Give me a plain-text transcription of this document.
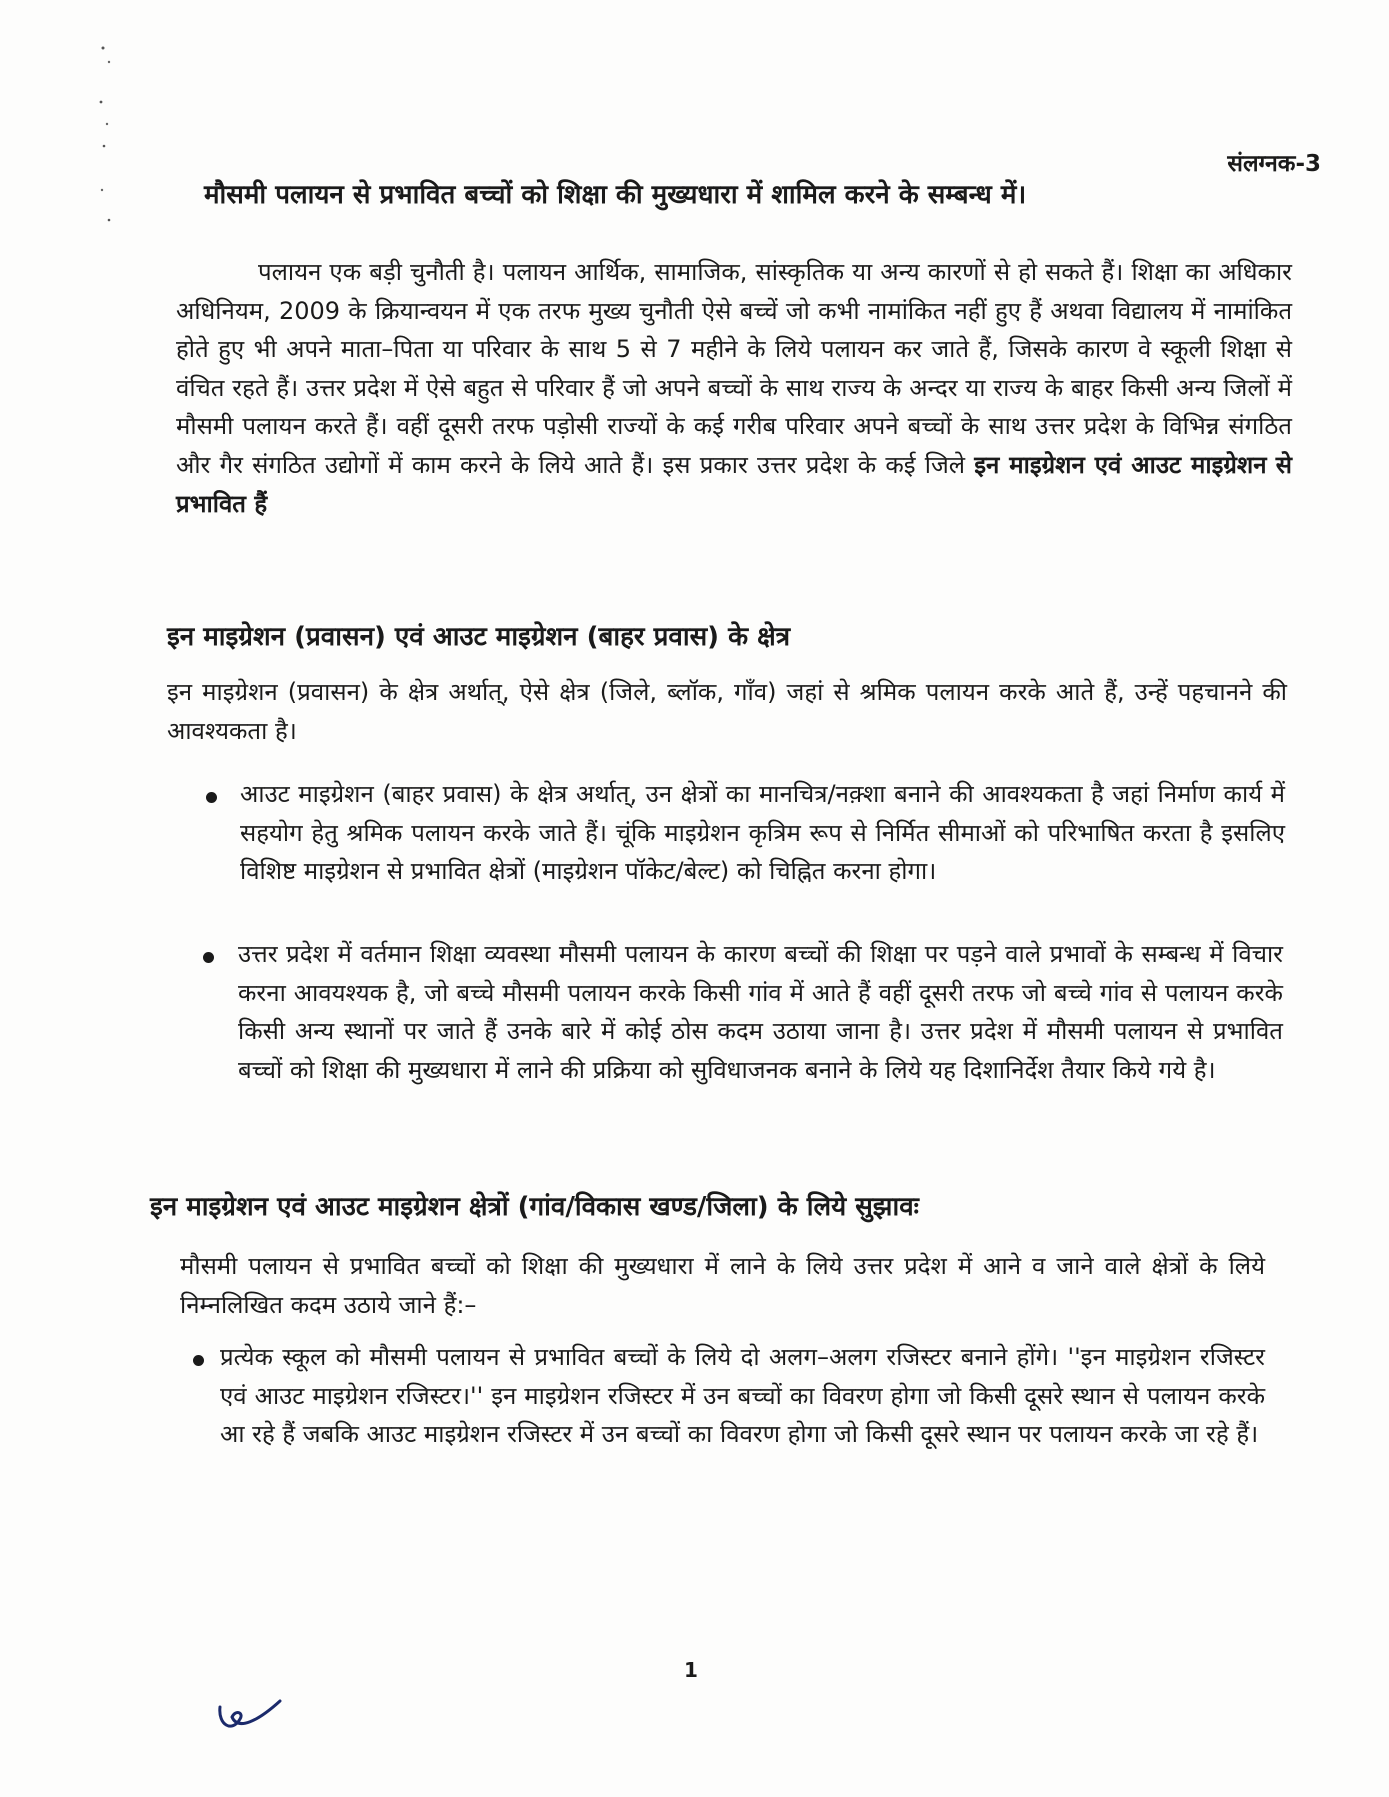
संलग्नक-3
मौसमी पलायन से प्रभावित बच्चों को शिक्षा की मुख्यधारा में शामिल करने के सम्बन्ध में।
पलायन एक बड़ी चुनौती है। पलायन आर्थिक, सामाजिक, सांस्कृतिक या अन्य कारणों से हो सकते हैं। शिक्षा का अधिकार अधिनियम, 2009 के क्रियान्वयन में एक तरफ मुख्य चुनौती ऐसे बच्चें जो कभी नामांकित नहीं हुए हैं अथवा विद्यालय में नामांकित होते हुए भी अपने माता–पिता या परिवार के साथ 5 से 7 महीने के लिये पलायन कर जाते हैं, जिसके कारण वे स्कूली शिक्षा से वंचित रहते हैं। उत्तर प्रदेश में ऐसे बहुत से परिवार हैं जो अपने बच्चों के साथ राज्य के अन्दर या राज्य के बाहर किसी अन्य जिलों में मौसमी पलायन करते हैं। वहीं दूसरी तरफ पड़ोसी राज्यों के कई गरीब परिवार अपने बच्चों के साथ उत्तर प्रदेश के विभिन्न संगठित और गैर संगठित उद्योगों में काम करने के लिये आते हैं। इस प्रकार उत्तर प्रदेश के कई जिले इन माइग्रेशन एवं आउट माइग्रेशन से प्रभावित हैं
इन माइग्रेशन (प्रवासन) एवं आउट माइग्रेशन (बाहर प्रवास) के क्षेत्र
इन माइग्रेशन (प्रवासन) के क्षेत्र अर्थात्, ऐसे क्षेत्र (जिले, ब्लॉक, गाँव) जहां से श्रमिक पलायन करके आते हैं, उन्हें पहचानने की आवश्यकता है।
आउट माइग्रेशन (बाहर प्रवास) के क्षेत्र अर्थात्, उन क्षेत्रों का मानचित्र/नक़्शा बनाने की आवश्यकता है जहां निर्माण कार्य में सहयोग हेतु श्रमिक पलायन करके जाते हैं। चूंकि माइग्रेशन कृत्रिम रूप से निर्मित सीमाओं को परिभाषित करता है इसलिए विशिष्ट माइग्रेशन से प्रभावित क्षेत्रों (माइग्रेशन पॉकेट/बेल्ट) को चिह्नित करना होगा।
उत्तर प्रदेश में वर्तमान शिक्षा व्यवस्था मौसमी पलायन के कारण बच्चों की शिक्षा पर पड़ने वाले प्रभावों के सम्बन्ध में विचार करना आवयश्यक है, जो बच्चे मौसमी पलायन करके किसी गांव में आते हैं वहीं दूसरी तरफ जो बच्चे गांव से पलायन करके किसी अन्य स्थानों पर जाते हैं उनके बारे में कोई ठोस कदम उठाया जाना है। उत्तर प्रदेश में मौसमी पलायन से प्रभावित बच्चों को शिक्षा की मुख्यधारा में लाने की प्रक्रिया को सुविधाजनक बनाने के लिये यह दिशानिर्देश तैयार किये गये है।
इन माइग्रेशन एवं आउट माइग्रेशन क्षेत्रों (गांव/विकास खण्ड/जिला) के लिये सुझावः
मौसमी पलायन से प्रभावित बच्चों को शिक्षा की मुख्यधारा में लाने के लिये उत्तर प्रदेश में आने व जाने वाले क्षेत्रों के लिये निम्नलिखित कदम उठाये जाने हैं:–
प्रत्येक स्कूल को मौसमी पलायन से प्रभावित बच्चों के लिये दो अलग–अलग रजिस्टर बनाने होंगे। ''इन माइग्रेशन रजिस्टर एवं आउट माइग्रेशन रजिस्टर।'' इन माइग्रेशन रजिस्टर में उन बच्चों का विवरण होगा जो किसी दूसरे स्थान से पलायन करके आ रहे हैं जबकि आउट माइग्रेशन रजिस्टर में उन बच्चों का विवरण होगा जो किसी दूसरे स्थान पर पलायन करके जा रहे हैं।
1
